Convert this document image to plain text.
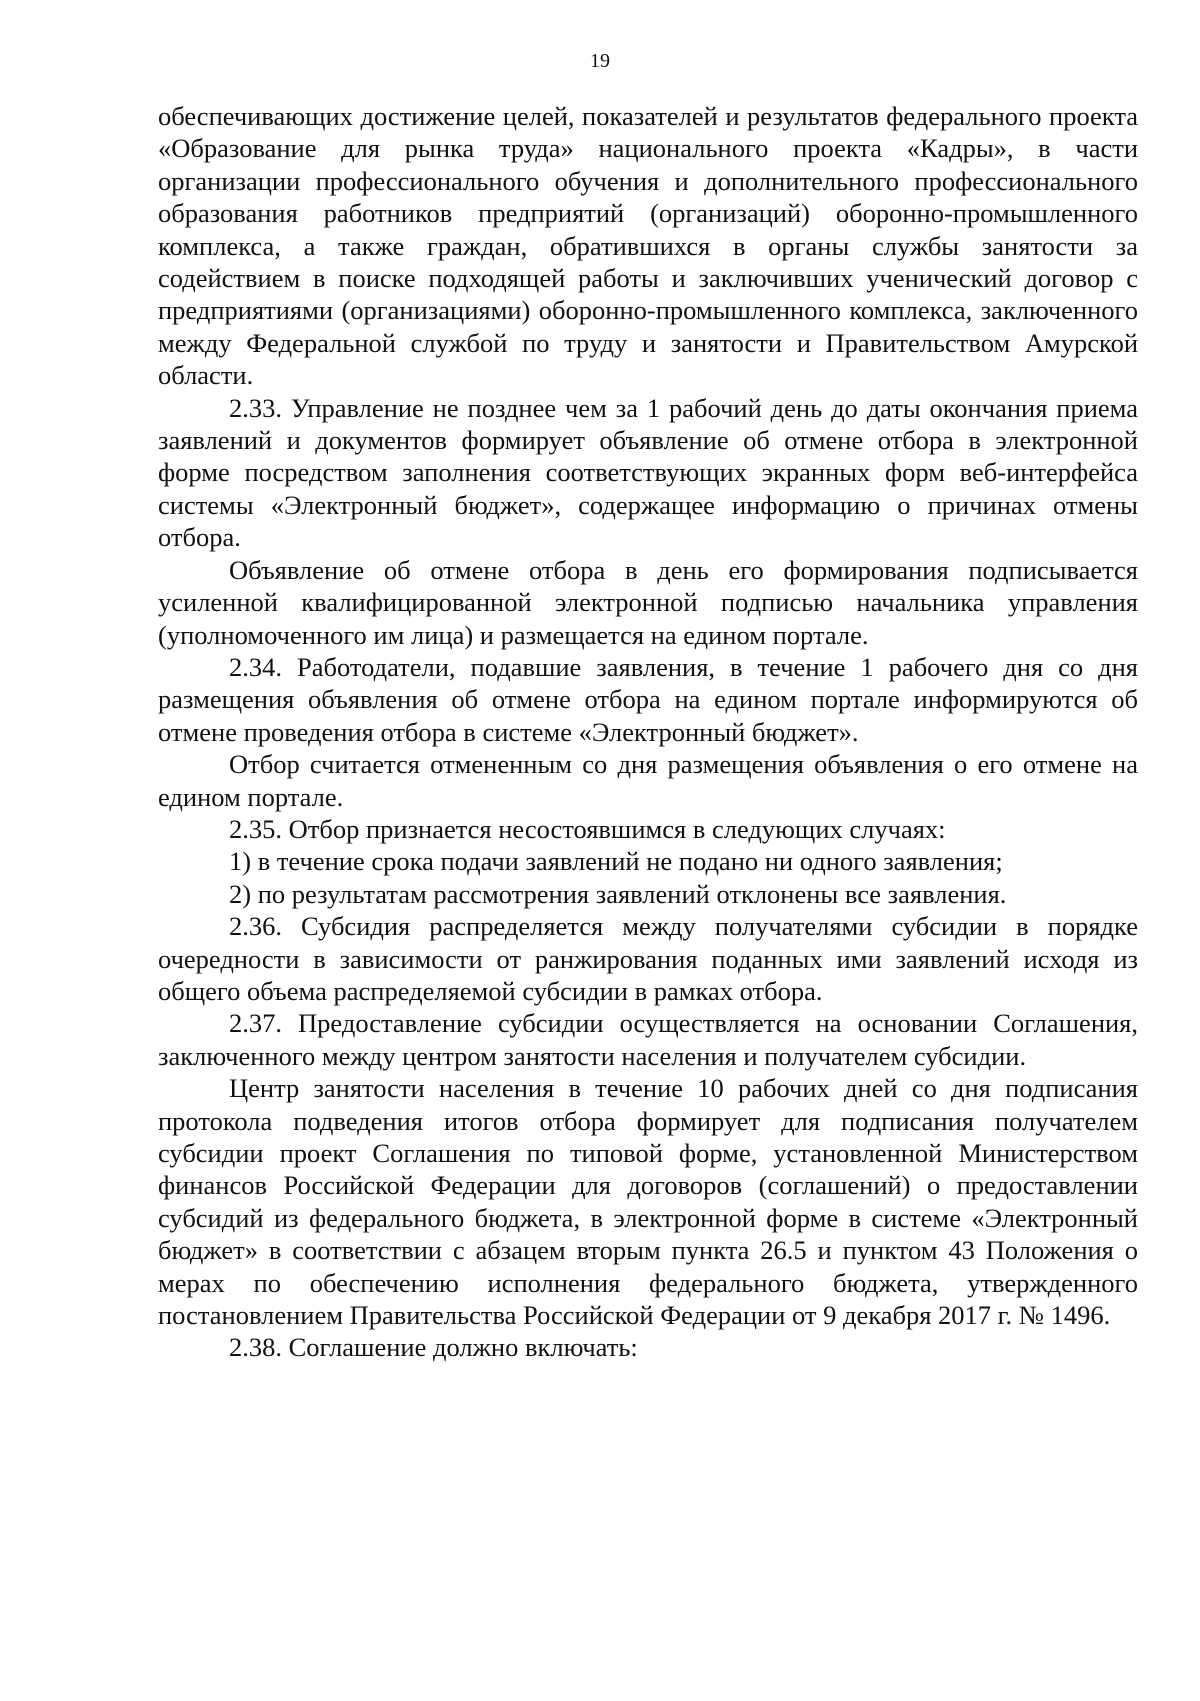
19

обеспечивающих достижение целей, показателей и результатов федерального проекта «Образование для рынка труда» национального проекта «Кадры», в части организации профессионального обучения и дополнительного профессионального образования работников предприятий (организаций) оборонно-промышленного комплекса, а также граждан, обратившихся в органы службы занятости за содействием в поиске подходящей работы и заключивших ученический договор с предприятиями (организациями) оборонно-промышленного комплекса, заключенного между Федеральной службой по труду и занятости и Правительством Амурской области.

2.33. Управление не позднее чем за 1 рабочий день до даты окончания приема заявлений и документов формирует объявление об отмене отбора в электронной форме посредством заполнения соответствующих экранных форм веб-интерфейса системы «Электронный бюджет», содержащее информацию о причинах отмены отбора.

Объявление об отмене отбора в день его формирования подписывается усиленной квалифицированной электронной подписью начальника управления (уполномоченного им лица) и размещается на едином портале.

2.34. Работодатели, подавшие заявления, в течение 1 рабочего дня со дня размещения объявления об отмене отбора на едином портале информируются об отмене проведения отбора в системе «Электронный бюджет».

Отбор считается отмененным со дня размещения объявления о его отмене на едином портале.

2.35. Отбор признается несостоявшимся в следующих случаях:

1) в течение срока подачи заявлений не подано ни одного заявления;

2) по результатам рассмотрения заявлений отклонены все заявления.

2.36. Субсидия распределяется между получателями субсидии в порядке очередности в зависимости от ранжирования поданных ими заявлений исходя из общего объема распределяемой субсидии в рамках отбора.

2.37. Предоставление субсидии осуществляется на основании Соглашения, заключенного между центром занятости населения и получателем субсидии.

Центр занятости населения в течение 10 рабочих дней со дня подписания протокола подведения итогов отбора формирует для подписания получателем субсидии проект Соглашения по типовой форме, установленной Министерством финансов Российской Федерации для договоров (соглашений) о предоставлении субсидий из федерального бюджета, в электронной форме в системе «Электронный бюджет» в соответствии с абзацем вторым пункта 26.5 и пунктом 43 Положения о мерах по обеспечению исполнения федерального бюджета, утвержденного постановлением Правительства Российской Федерации от 9 декабря 2017 г. № 1496.

2.38. Соглашение должно включать:
